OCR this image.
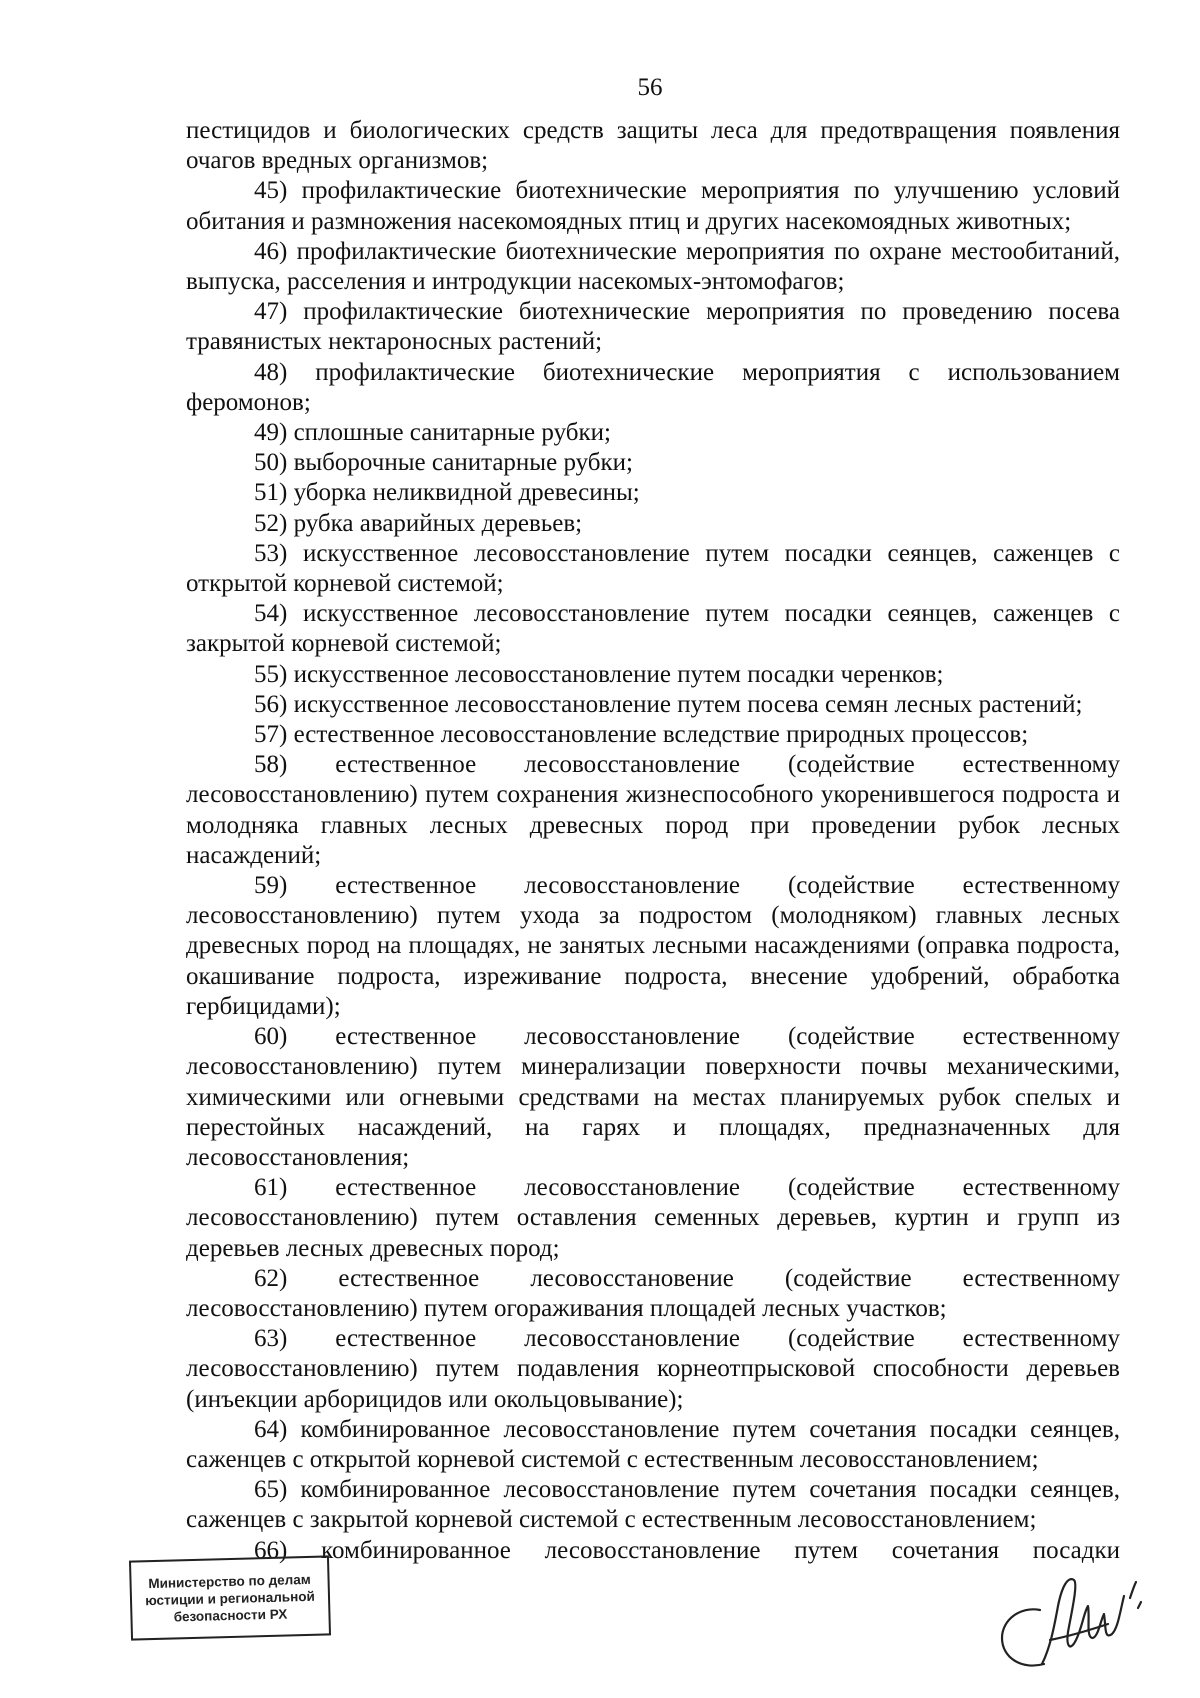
56

пестицидов и биологических средств защиты леса для предотвращения появления очагов вредных организмов;

45) профилактические биотехнические мероприятия по улучшению условий обитания и размножения насекомоядных птиц и других насекомоядных животных;

46) профилактические биотехнические мероприятия по охране местообитаний, выпуска, расселения и интродукции насекомых-энтомофагов;

47) профилактические биотехнические мероприятия по проведению посева травянистых нектароносных растений;

48) профилактические биотехнические мероприятия с использованием феромонов;

49) сплошные санитарные рубки;

50) выборочные санитарные рубки;

51) уборка неликвидной древесины;

52) рубка аварийных деревьев;

53) искусственное лесовосстановление путем посадки сеянцев, саженцев с открытой корневой системой;

54) искусственное лесовосстановление путем посадки сеянцев, саженцев с закрытой корневой системой;

55) искусственное лесовосстановление путем посадки черенков;

56) искусственное лесовосстановление путем посева семян лесных растений;

57) естественное лесовосстановление вследствие природных процессов;

58) естественное лесовосстановление (содействие естественному лесовосстановлению) путем сохранения жизнеспособного укоренившегося подроста и молодняка главных лесных древесных пород при проведении рубок лесных насаждений;

59) естественное лесовосстановление (содействие естественному лесовосстановлению) путем ухода за подростом (молодняком) главных лесных древесных пород на площадях, не занятых лесными насаждениями (оправка подроста, окашивание подроста, изреживание подроста, внесение удобрений, обработка гербицидами);

60) естественное лесовосстановление (содействие естественному лесовосстановлению) путем минерализации поверхности почвы механическими, химическими или огневыми средствами на местах планируемых рубок спелых и перестойных насаждений, на гарях и площадях, предназначенных для лесовосстановления;

61) естественное лесовосстановление (содействие естественному лесовосстановлению) путем оставления семенных деревьев, куртин и групп из деревьев лесных древесных пород;

62) естественное лесовосстановение (содействие естественному лесовосстановлению) путем огораживания площадей лесных участков;

63) естественное лесовосстановление (содействие естественному лесовосстановлению) путем подавления корнеотпрысковой способности деревьев (инъекции арборицидов или окольцовывание);

64) комбинированное лесовосстановление путем сочетания посадки сеянцев, саженцев с открытой корневой системой с естественным лесовосстановлением;

65) комбинированное лесовосстановление путем сочетания посадки сеянцев, саженцев с закрытой корневой системой с естественным лесовосстановлением;

66) комбинированное лесовосстановление путем сочетания посадки

Министерство по делам
юстиции и региональной
безопасности РХ
